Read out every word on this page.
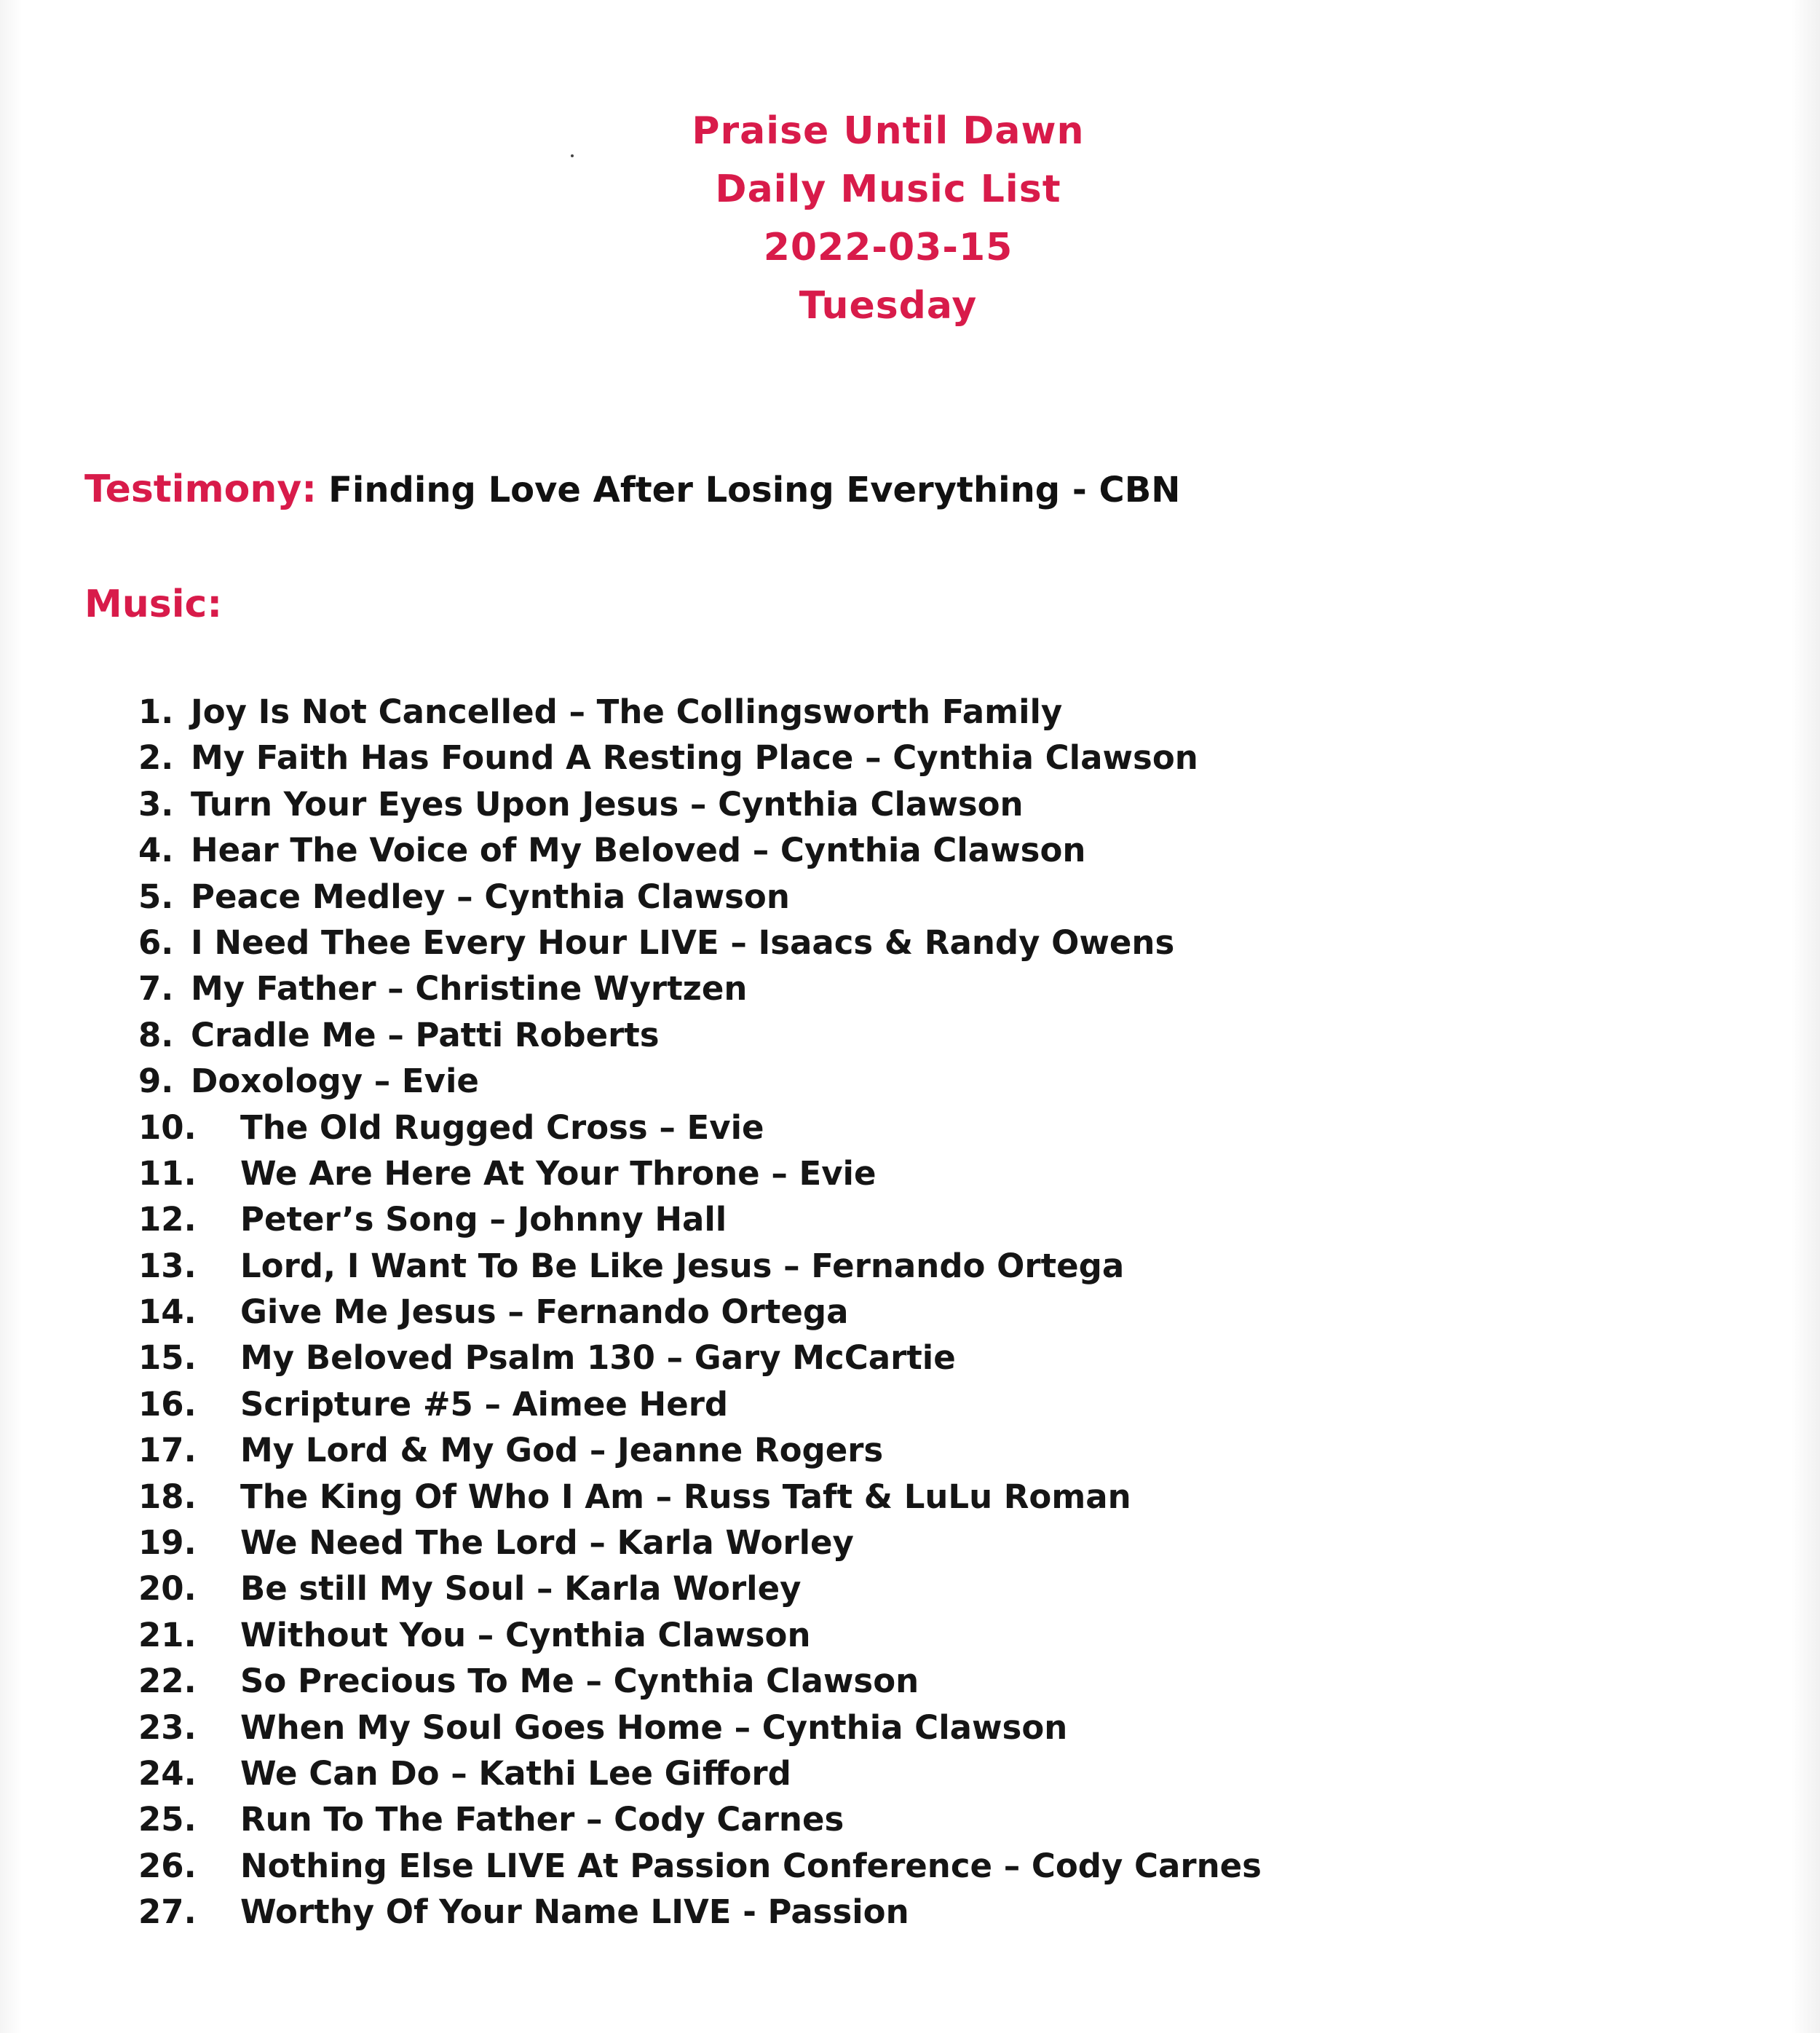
Praise Until Dawn
Daily Music List
2022-03-15
Tuesday
Testimony: Finding Love After Losing Everything - CBN
Music:
1. Joy Is Not Cancelled – The Collingsworth Family
2. My Faith Has Found A Resting Place – Cynthia Clawson
3. Turn Your Eyes Upon Jesus – Cynthia Clawson
4. Hear The Voice of My Beloved – Cynthia Clawson
5. Peace Medley – Cynthia Clawson
6. I Need Thee Every Hour LIVE – Isaacs & Randy Owens
7. My Father – Christine Wyrtzen
8. Cradle Me – Patti Roberts
9. Doxology – Evie
10. The Old Rugged Cross – Evie
11. We Are Here At Your Throne – Evie
12. Peter’s Song – Johnny Hall
13. Lord, I Want To Be Like Jesus – Fernando Ortega
14. Give Me Jesus – Fernando Ortega
15. My Beloved Psalm 130 – Gary McCartie
16. Scripture #5 – Aimee Herd
17. My Lord & My God – Jeanne Rogers
18. The King Of Who I Am – Russ Taft & LuLu Roman
19. We Need The Lord – Karla Worley
20. Be still My Soul – Karla Worley
21. Without You – Cynthia Clawson
22. So Precious To Me – Cynthia Clawson
23. When My Soul Goes Home – Cynthia Clawson
24. We Can Do – Kathi Lee Gifford
25. Run To The Father – Cody Carnes
26. Nothing Else LIVE At Passion Conference – Cody Carnes
27. Worthy Of Your Name LIVE - Passion
